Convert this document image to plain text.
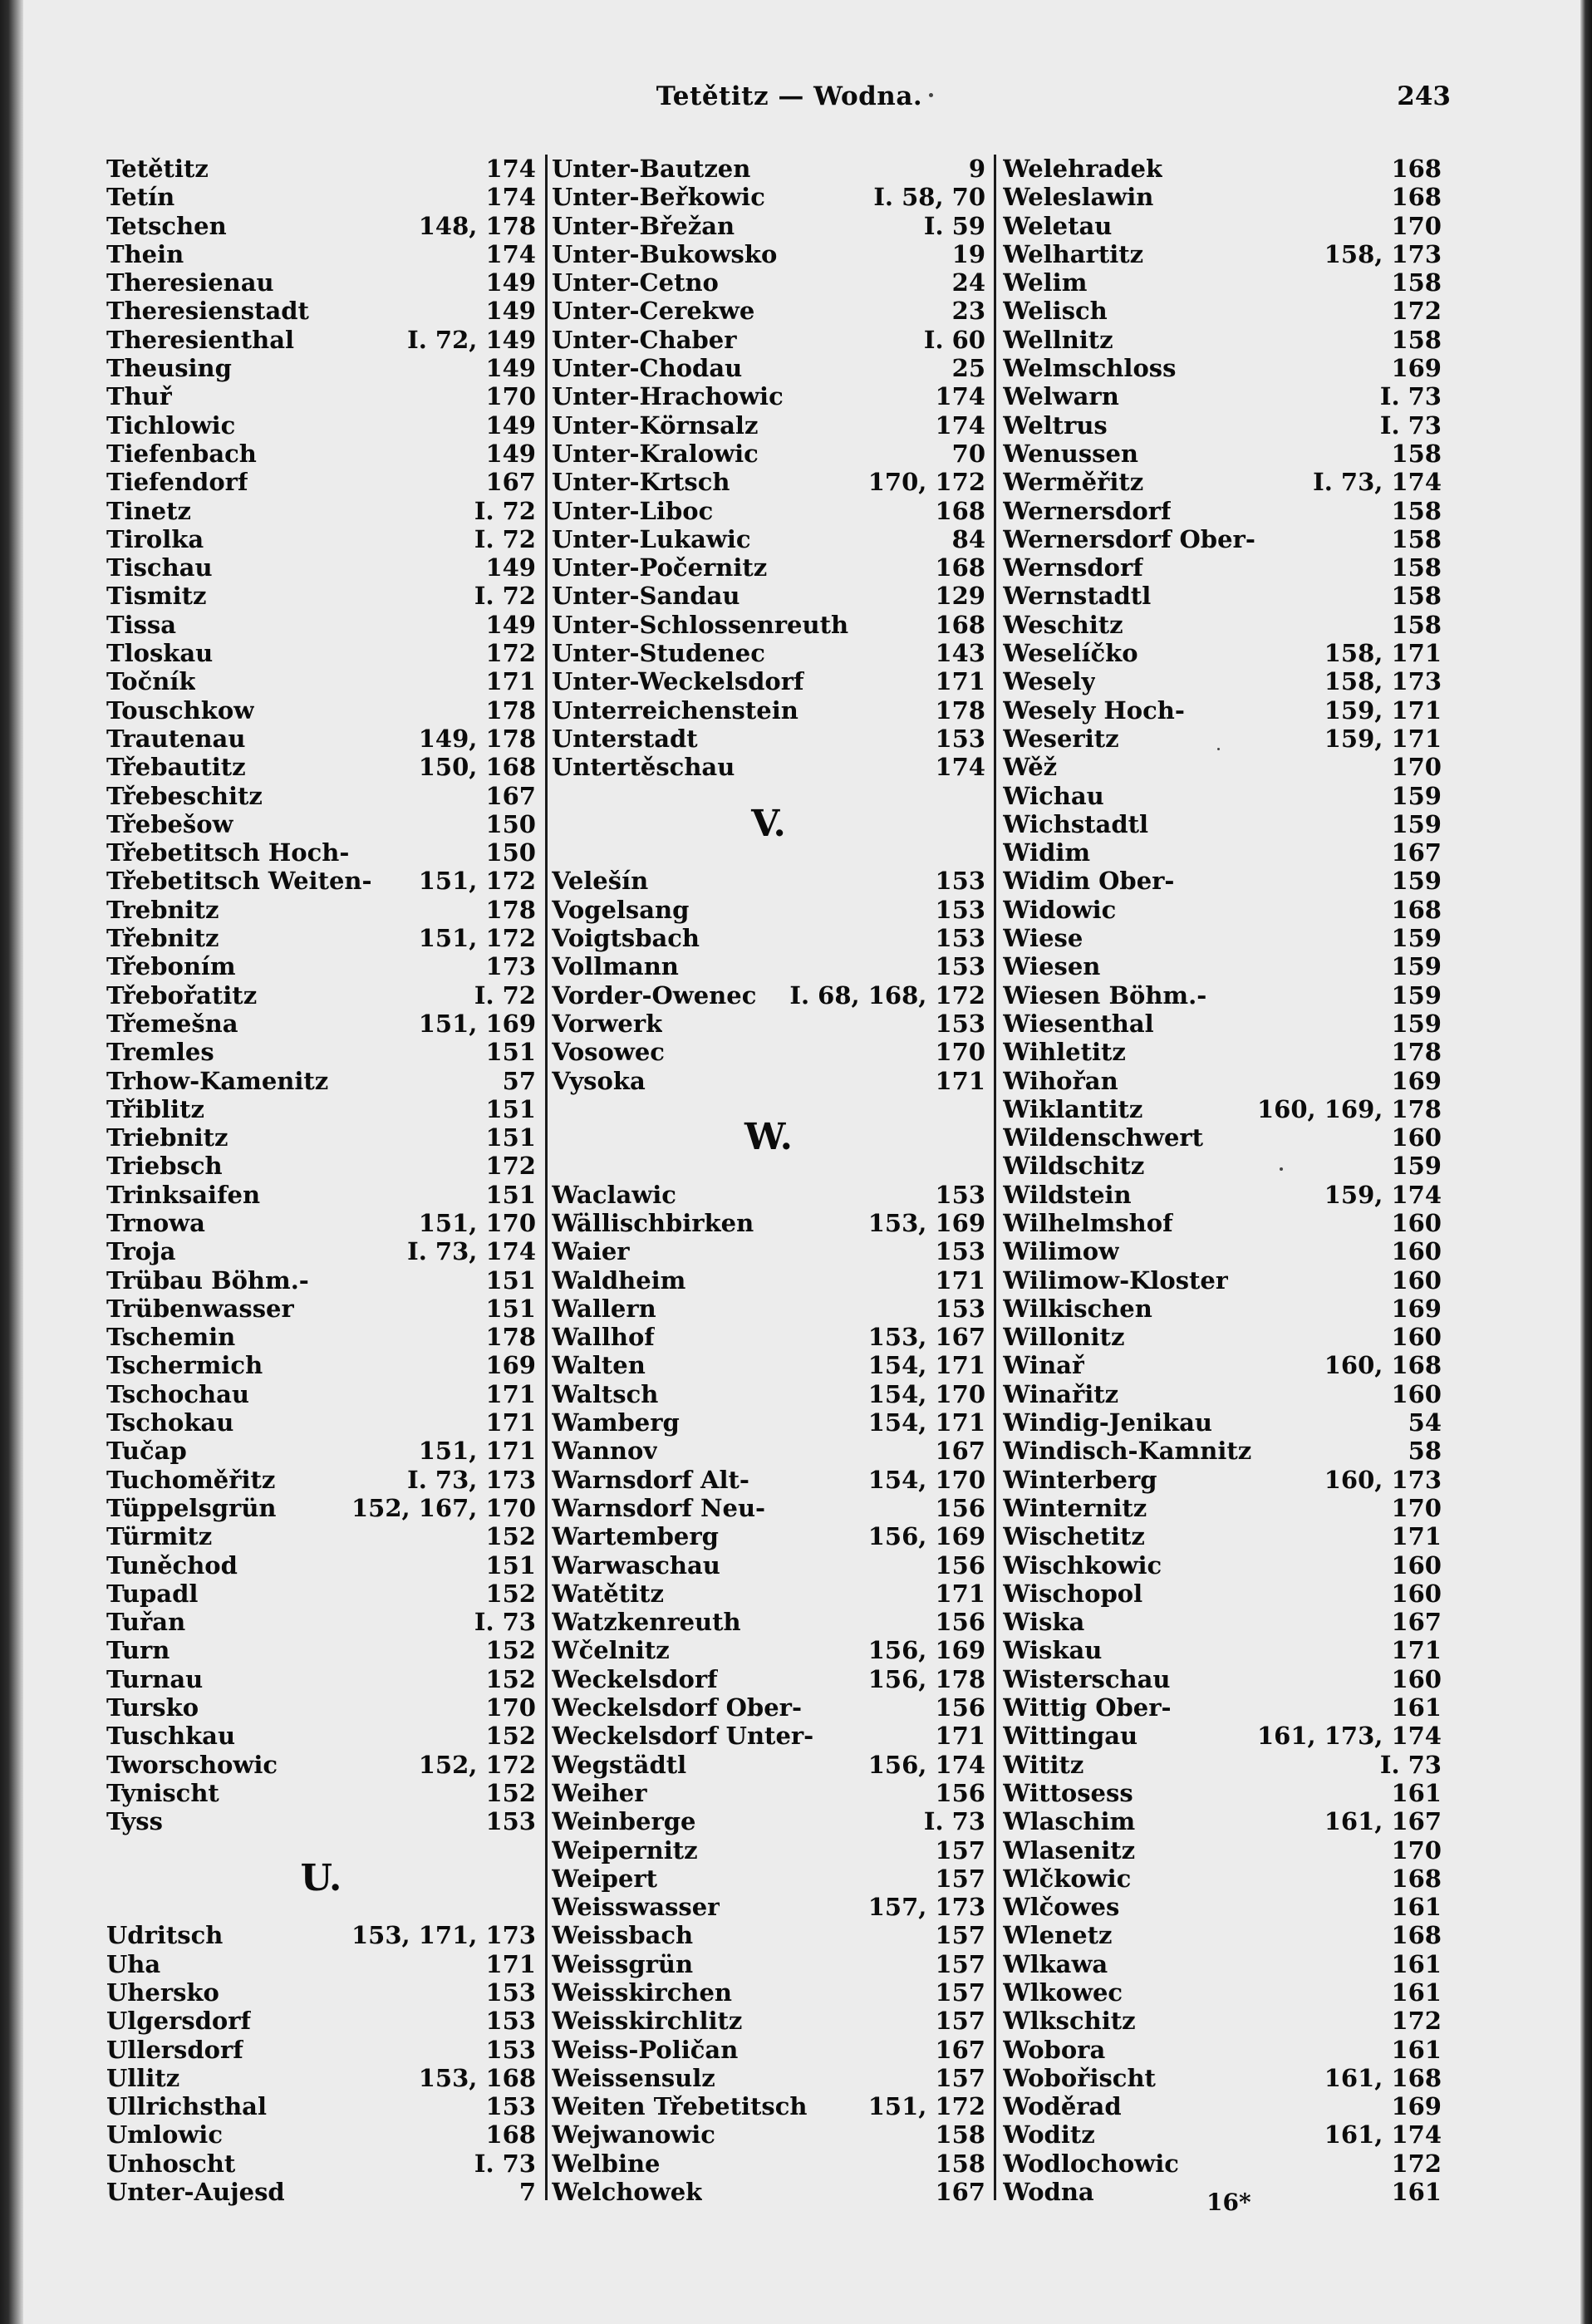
Tetětitz — Wodna.	243
Tetětitz	174
Tetín	174
Tetschen	148, 178
Thein	174
Theresienau	149
Theresienstadt	149
Theresienthal	I. 72, 149
Theusing	149
Thuř	170
Tichlowic	149
Tiefenbach	149
Tiefendorf	167
Tinetz	I. 72
Tirolka	I. 72
Tischau	149
Tismitz	I. 72
Tissa	149
Tloskau	172
Točník	171
Touschkow	178
Trautenau	149, 178
Třebautitz	150, 168
Třebeschitz	167
Třebešow	150
Třebetitsch Hoch-	150
Třebetitsch Weiten-	151, 172
Trebnitz	178
Třebnitz	151, 172
Třeboním	173
Třebořatitz	I. 72
Třemešna	151, 169
Tremles	151
Trhow-Kamenitz	57
Třiblitz	151
Triebnitz	151
Triebsch	172
Trinksaifen	151
Trnowa	151, 170
Troja	I. 73, 174
Trübau Böhm.-	151
Trübenwasser	151
Tschemin	178
Tschermich	169
Tschochau	171
Tschokau	171
Tučap	151, 171
Tuchoměřitz	I. 73, 173
Tüppelsgrün	152, 167, 170
Türmitz	152
Tuněchod	151
Tupadl	152
Tuřan	I. 73
Turn	152
Turnau	152
Tursko	170
Tuschkau	152
Tworschowic	152, 172
Tynischt	152
Tyss	153
U.
Udritsch	153, 171, 173
Uha	171
Uhersko	153
Ulgersdorf	153
Ullersdorf	153
Ullitz	153, 168
Ullrichsthal	153
Umlowic	168
Unhoscht	I. 73
Unter-Aujesd	7
Unter-Bautzen	9
Unter-Beřkowic	I. 58, 70
Unter-Břežan	I. 59
Unter-Bukowsko	19
Unter-Cetno	24
Unter-Cerekwe	23
Unter-Chaber	I. 60
Unter-Chodau	25
Unter-Hrachowic	174
Unter-Körnsalz	174
Unter-Kralowic	70
Unter-Krtsch	170, 172
Unter-Liboc	168
Unter-Lukawic	84
Unter-Počernitz	168
Unter-Sandau	129
Unter-Schlossenreuth	168
Unter-Studenec	143
Unter-Weckelsdorf	171
Unterreichenstein	178
Unterstadt	153
Untertěschau	174
V.
Velešín	153
Vogelsang	153
Voigtsbach	153
Vollmann	153
Vorder-Owenec	I. 68, 168, 172
Vorwerk	153
Vosowec	170
Vysoka	171
W.
Waclawic	153
Wällischbirken	153, 169
Waier	153
Waldheim	171
Wallern	153
Wallhof	153, 167
Walten	154, 171
Waltsch	154, 170
Wamberg	154, 171
Wannov	167
Warnsdorf Alt-	154, 170
Warnsdorf Neu-	156
Wartemberg	156, 169
Warwaschau	156
Watětitz	171
Watzkenreuth	156
Wčelnitz	156, 169
Weckelsdorf	156, 178
Weckelsdorf Ober-	156
Weckelsdorf Unter-	171
Wegstädtl	156, 174
Weiher	156
Weinberge	I. 73
Weipernitz	157
Weipert	157
Weisswasser	157, 173
Weissbach	157
Weissgrün	157
Weisskirchen	157
Weisskirchlitz	157
Weiss-Poličan	167
Weissensulz	157
Weiten Třebetitsch	151, 172
Wejwanowic	158
Welbine	158
Welchowek	167
Welehradek	168
Weleslawin	168
Weletau	170
Welhartitz	158, 173
Welim	158
Welisch	172
Wellnitz	158
Welmschloss	169
Welwarn	I. 73
Weltrus	I. 73
Wenussen	158
Werměřitz	I. 73, 174
Wernersdorf	158
Wernersdorf Ober-	158
Wernsdorf	158
Wernstadtl	158
Weschitz	158
Weselíčko	158, 171
Wesely	158, 173
Wesely Hoch-	159, 171
Weseritz	159, 171
Wěž	170
Wichau	159
Wichstadtl	159
Widim	167
Widim Ober-	159
Widowic	168
Wiese	159
Wiesen	159
Wiesen Böhm.-	159
Wiesenthal	159
Wihletitz	178
Wihořan	169
Wiklantitz	160, 169, 178
Wildenschwert	160
Wildschitz	159
Wildstein	159, 174
Wilhelmshof	160
Wilimow	160
Wilimow-Kloster	160
Wilkischen	169
Willonitz	160
Winař	160, 168
Winařitz	160
Windig-Jenikau	54
Windisch-Kamnitz	58
Winterberg	160, 173
Winternitz	170
Wischetitz	171
Wischkowic	160
Wischopol	160
Wiska	167
Wiskau	171
Wisterschau	160
Wittig Ober-	161
Wittingau	161, 173, 174
Wititz	I. 73
Wittosess	161
Wlaschim	161, 167
Wlasenitz	170
Wlčkowic	168
Wlčowes	161
Wlenetz	168
Wlkawa	161
Wlkowec	161
Wlkschitz	172
Wobora	161
Wobořischt	161, 168
Woděrad	169
Woditz	161, 174
Wodlochowic	172
Wodna	161
16*
